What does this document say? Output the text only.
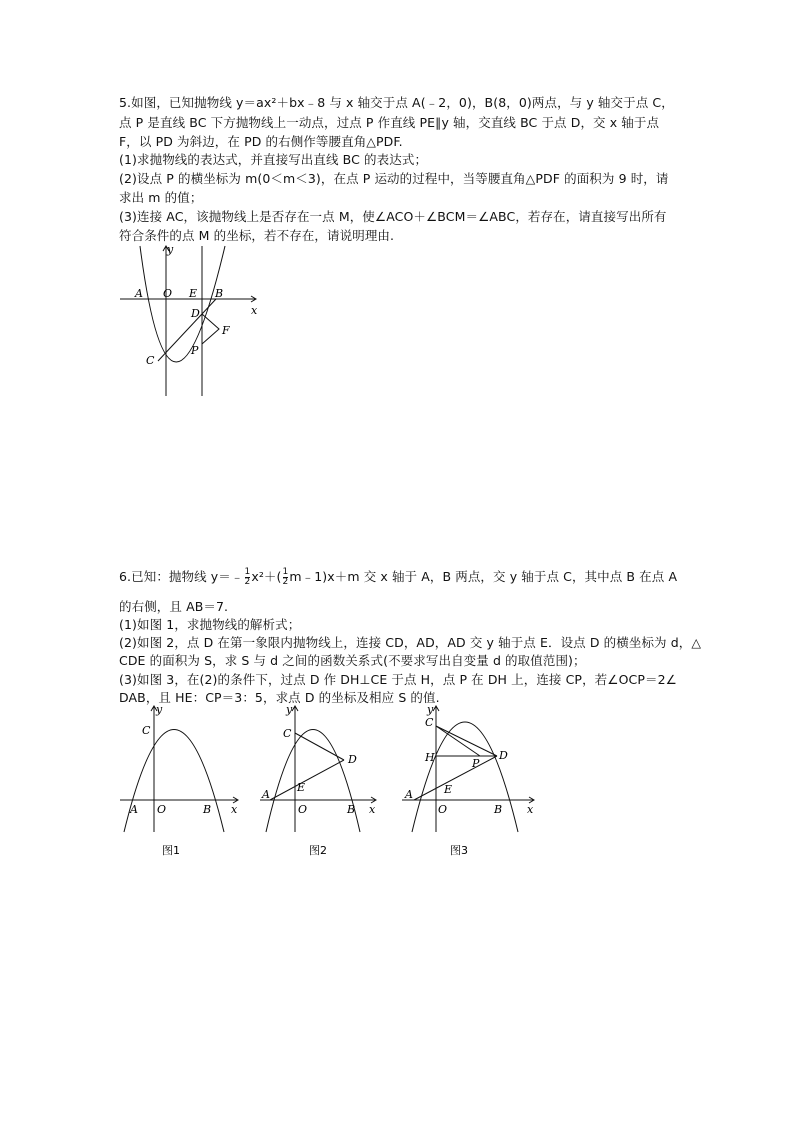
5.如图，已知抛物线 y＝ax²＋bx﹣8 与 x 轴交于点 A(﹣2，0)，B(8，0)两点，与 y 轴交于点 C，
点 P 是直线 BC 下方抛物线上一动点，过点 P 作直线 PE∥y 轴，交直线 BC 于点 D，交 x 轴于点
F，以 PD 为斜边，在 PD 的右侧作等腰直角△PDF.
(1)求抛物线的表达式，并直接写出直线 BC 的表达式；
(2)设点 P 的横坐标为 m(0＜m＜3)，在点 P 运动的过程中，当等腰直角△PDF 的面积为 9 时，请
求出 m 的值；
(3)连接 AC，该抛物线上是否存在一点 M，使∠ACO＋∠BCM＝∠ABC，若存在，请直接写出所有
符合条件的点 M 的坐标，若不存在，请说明理由.
y
x
A O E B
D
F
P
C
6.已知：抛物线 y＝﹣ $\frac{1}{2} x^2+( \frac{1}{2}$ m﹣1)x＋m 交 x 轴于 A，B 两点，交 y 轴于点 C，其中点 B 在点 A
的右侧，且 AB＝7.
(1)如图 1，求抛物线的解析式；
(2)如图 2，点 D 在第一象限内抛物线上，连接 CD，AD，AD 交 y 轴于点 E．设点 D 的横坐标为 d，△
CDE 的面积为 S，求 S 与 d 之间的函数关系式(不要求写出自变量 d 的取值范围)；
(3)如图 3，在(2)的条件下，过点 D 作 DH⊥CE 于点 H，点 P 在 DH 上，连接 CP，若∠OCP＝2∠
DAB，且 HE：CP＝3：5，求点 D 的坐标及相应 S 的值.
y
x
C
A O	B
图1
y
x
C
D
E
A
O	B
图2
y
x
C
H	P
D
E
A
O	B
图3
